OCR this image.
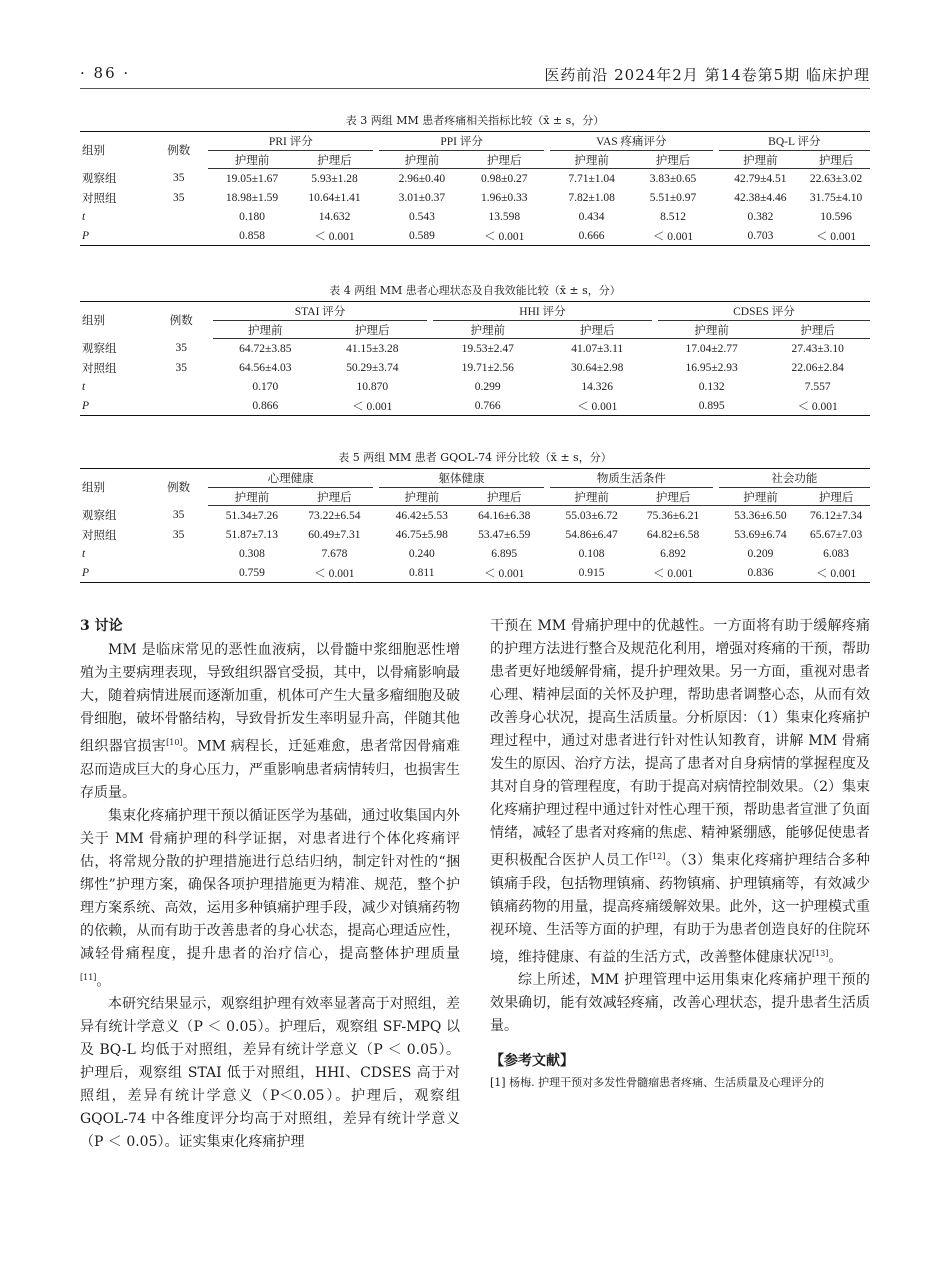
· 86 ·	医药前沿 2024年2月 第14卷第5期 临床护理
表 3 两组 MM 患者疼痛相关指标比较（x̄ ± s，分）
组别	例数	PRI 评分			PPI 评分			VAS 疼痛评分			BQ-L 评分	
		护理前	护理后		护理前	护理后		护理前	护理后		护理前	护理后
观察组	35	19.05±1.67	5.93±1.28		2.96±0.40	0.98±0.27		7.71±1.04	3.83±0.65		42.79±4.51	22.63±3.02
对照组	35	18.98±1.59	10.64±1.41		3.01±0.37	1.96±0.33		7.82±1.08	5.51±0.97		42.38±4.46	31.75±4.10
t		0.180	14.632		0.543	13.598		0.434	8.512		0.382	10.596
P		0.858	＜ 0.001		0.589	＜ 0.001		0.666	＜ 0.001		0.703	＜ 0.001
表 4 两组 MM 患者心理状态及自我效能比较（x̄ ± s，分）
组别	例数	STAI 评分			HHI 评分			CDSES 评分	
		护理前	护理后		护理前	护理后		护理前	护理后
观察组	35	64.72±3.85	41.15±3.28		19.53±2.47	41.07±3.11		17.04±2.77	27.43±3.10
对照组	35	64.56±4.03	50.29±3.74		19.71±2.56	30.64±2.98		16.95±2.93	22.06±2.84
t		0.170	10.870		0.299	14.326		0.132	7.557
P		0.866	＜ 0.001		0.766	＜ 0.001		0.895	＜ 0.001
表 5 两组 MM 患者 GQOL-74 评分比较（x̄ ± s，分）
组别	例数	心理健康			躯体健康			物质生活条件			社会功能	
		护理前	护理后		护理前	护理后		护理前	护理后		护理前	护理后
观察组	35	51.34±7.26	73.22±6.54		46.42±5.53	64.16±6.38		55.03±6.72	75.36±6.21		53.36±6.50	76.12±7.34
对照组	35	51.87±7.13	60.49±7.31		46.75±5.98	53.47±6.59		54.86±6.47	64.82±6.58		53.69±6.74	65.67±7.03
t		0.308	7.678		0.240	6.895		0.108	6.892		0.209	6.083
P		0.759	＜ 0.001		0.811	＜ 0.001		0.915	＜ 0.001		0.836	＜ 0.001
3 讨论

MM 是临床常见的恶性血液病，以骨髓中浆细胞恶性增殖为主要病理表现，导致组织器官受损，其中，以骨痛影响最大，随着病情进展而逐渐加重，机体可产生大量多瘤细胞及破骨细胞，破坏骨骼结构，导致骨折发生率明显升高，伴随其他组织器官损害[10]。MM 病程长，迁延难愈，患者常因骨痛难忍而造成巨大的身心压力，严重影响患者病情转归，也损害生存质量。

集束化疼痛护理干预以循证医学为基础，通过收集国内外关于 MM 骨痛护理的科学证据，对患者进行个体化疼痛评估，将常规分散的护理措施进行总结归纳，制定针对性的“捆绑性”护理方案，确保各项护理措施更为精准、规范，整个护理方案系统、高效，运用多种镇痛护理手段，减少对镇痛药物的依赖，从而有助于改善患者的身心状态，提高心理适应性，减轻骨痛程度，提升患者的治疗信心，提高整体护理质量[11]。

本研究结果显示，观察组护理有效率显著高于对照组，差异有统计学意义（P ＜ 0.05）。护理后，观察组 SF-MPQ 以及 BQ-L 均低于对照组，差异有统计学意义（P ＜ 0.05）。护理后，观察组 STAI 低于对照组，HHI、CDSES 高于对照组，差异有统计学意义（P＜0.05）。护理后，观察组 GQOL-74 中各维度评分均高于对照组，差异有统计学意义（P ＜ 0.05）。证实集束化疼痛护理

干预在 MM 骨痛护理中的优越性。一方面将有助于缓解疼痛的护理方法进行整合及规范化利用，增强对疼痛的干预，帮助患者更好地缓解骨痛，提升护理效果。另一方面，重视对患者心理、精神层面的关怀及护理，帮助患者调整心态，从而有效改善身心状况，提高生活质量。分析原因：（1）集束化疼痛护理过程中，通过对患者进行针对性认知教育，讲解 MM 骨痛发生的原因、治疗方法，提高了患者对自身病情的掌握程度及其对自身的管理程度，有助于提高对病情控制效果。（2）集束化疼痛护理过程中通过针对性心理干预，帮助患者宣泄了负面情绪，减轻了患者对疼痛的焦虑、精神紧绷感，能够促使患者更积极配合医护人员工作[12]。（3）集束化疼痛护理结合多种镇痛手段，包括物理镇痛、药物镇痛、护理镇痛等，有效减少镇痛药物的用量，提高疼痛缓解效果。此外，这一护理模式重视环境、生活等方面的护理，有助于为患者创造良好的住院环境，维持健康、有益的生活方式，改善整体健康状况[13]。

综上所述，MM 护理管理中运用集束化疼痛护理干预的效果确切，能有效减轻疼痛，改善心理状态，提升患者生活质量。

【参考文献】
[1] 杨梅. 护理干预对多发性骨髓瘤患者疼痛、生活质量及心理评分的
